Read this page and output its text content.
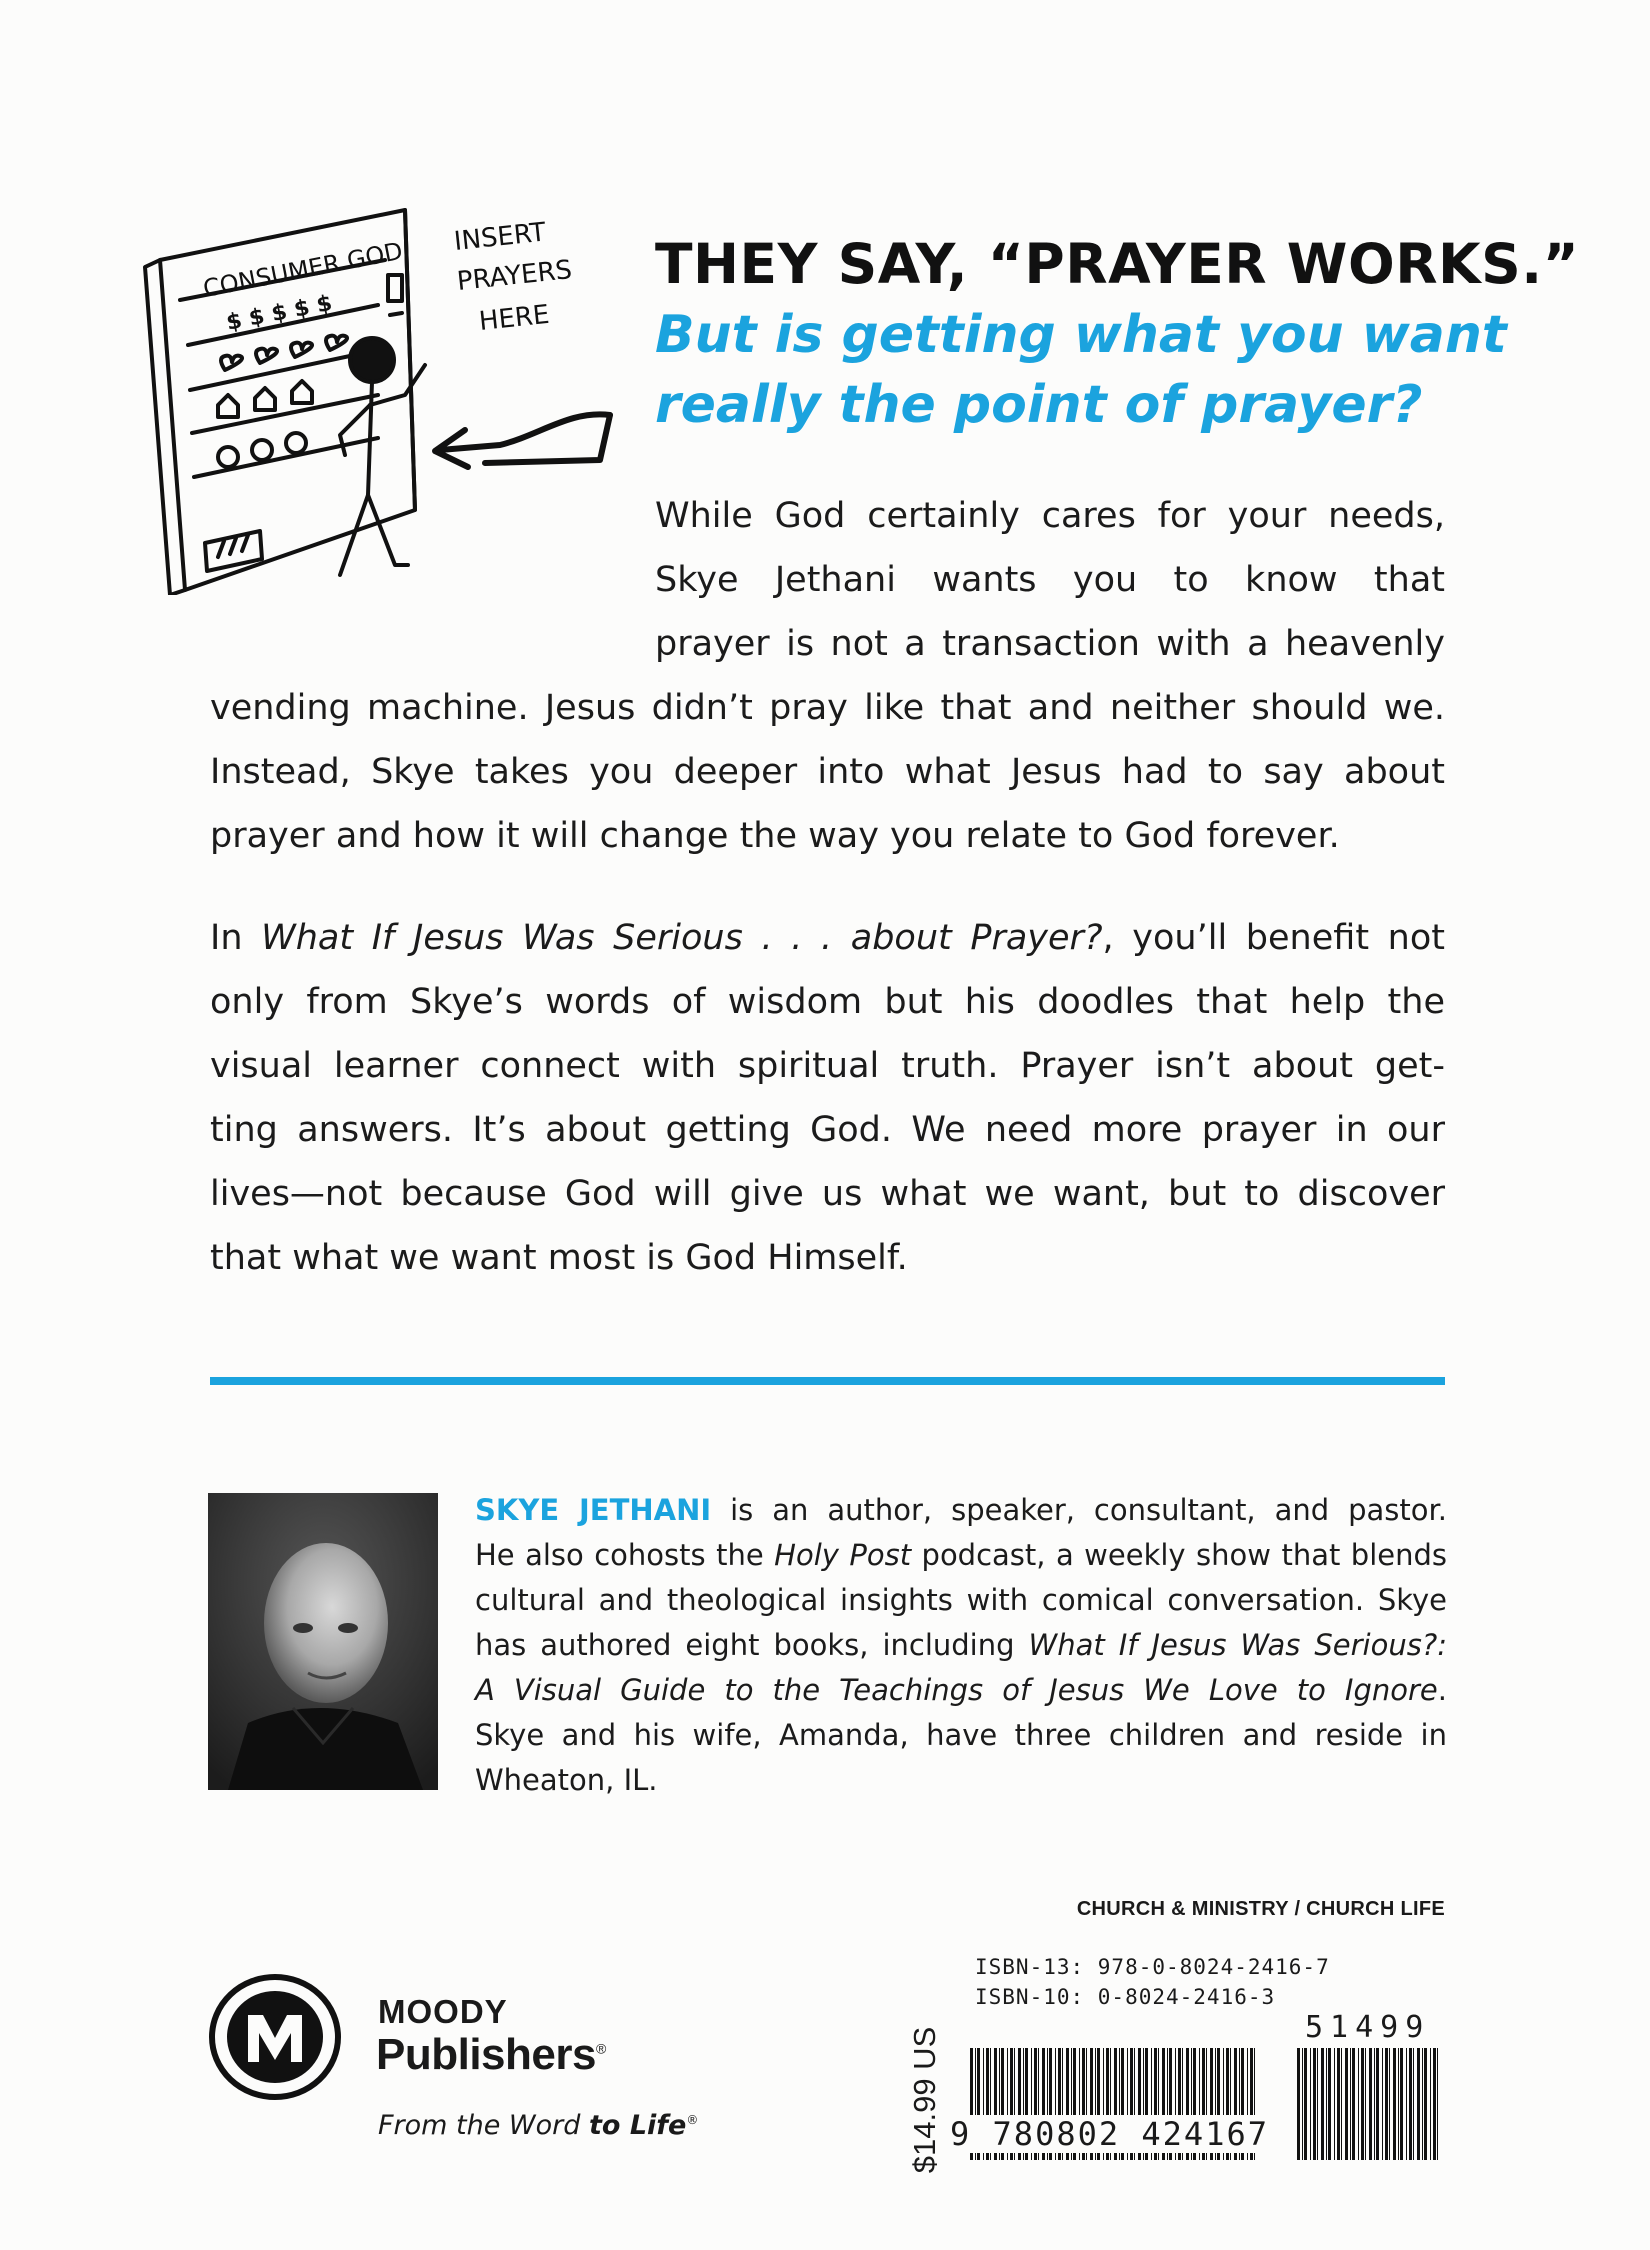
CONSUMER GOD
$ $ $ $ $
INSERT
PRAYERS
HERE
THEY SAY, “PRAYER WORKS.”
But is getting what you want
really the point of prayer?
While God certainly cares for your needs,
Skye Jethani wants you to know that
prayer is not a transaction with a heavenly
vending machine. Jesus didn’t pray like that and neither should we.
Instead, Skye takes you deeper into what Jesus had to say about
prayer and how it will change the way you relate to God forever.
In What If Jesus Was Serious . . . about Prayer?, you’ll benefit not
only from Skye’s words of wisdom but his doodles that help the
visual learner connect with spiritual truth. Prayer isn’t about get-
ting answers. It’s about getting God. We need more prayer in our
lives—not because God will give us what we want, but to discover
that what we want most is God Himself.
SKYE JETHANI is an author, speaker, consultant, and pastor.
He also cohosts the Holy Post podcast, a weekly show that blends
cultural and theological insights with comical conversation. Skye
has authored eight books, including What If Jesus Was Serious?:
A Visual Guide to the Teachings of Jesus We Love to Ignore.
Skye and his wife, Amanda, have three children and reside in
Wheaton, IL.
CHURCH & MINISTRY / CHURCH LIFE
MOODY
Publishers®
From the Word to Life®	$14.99 US
ISBN-13: 978-0-8024-2416-7
ISBN-10: 0-8024-2416-3
9 780802 424167
51499
